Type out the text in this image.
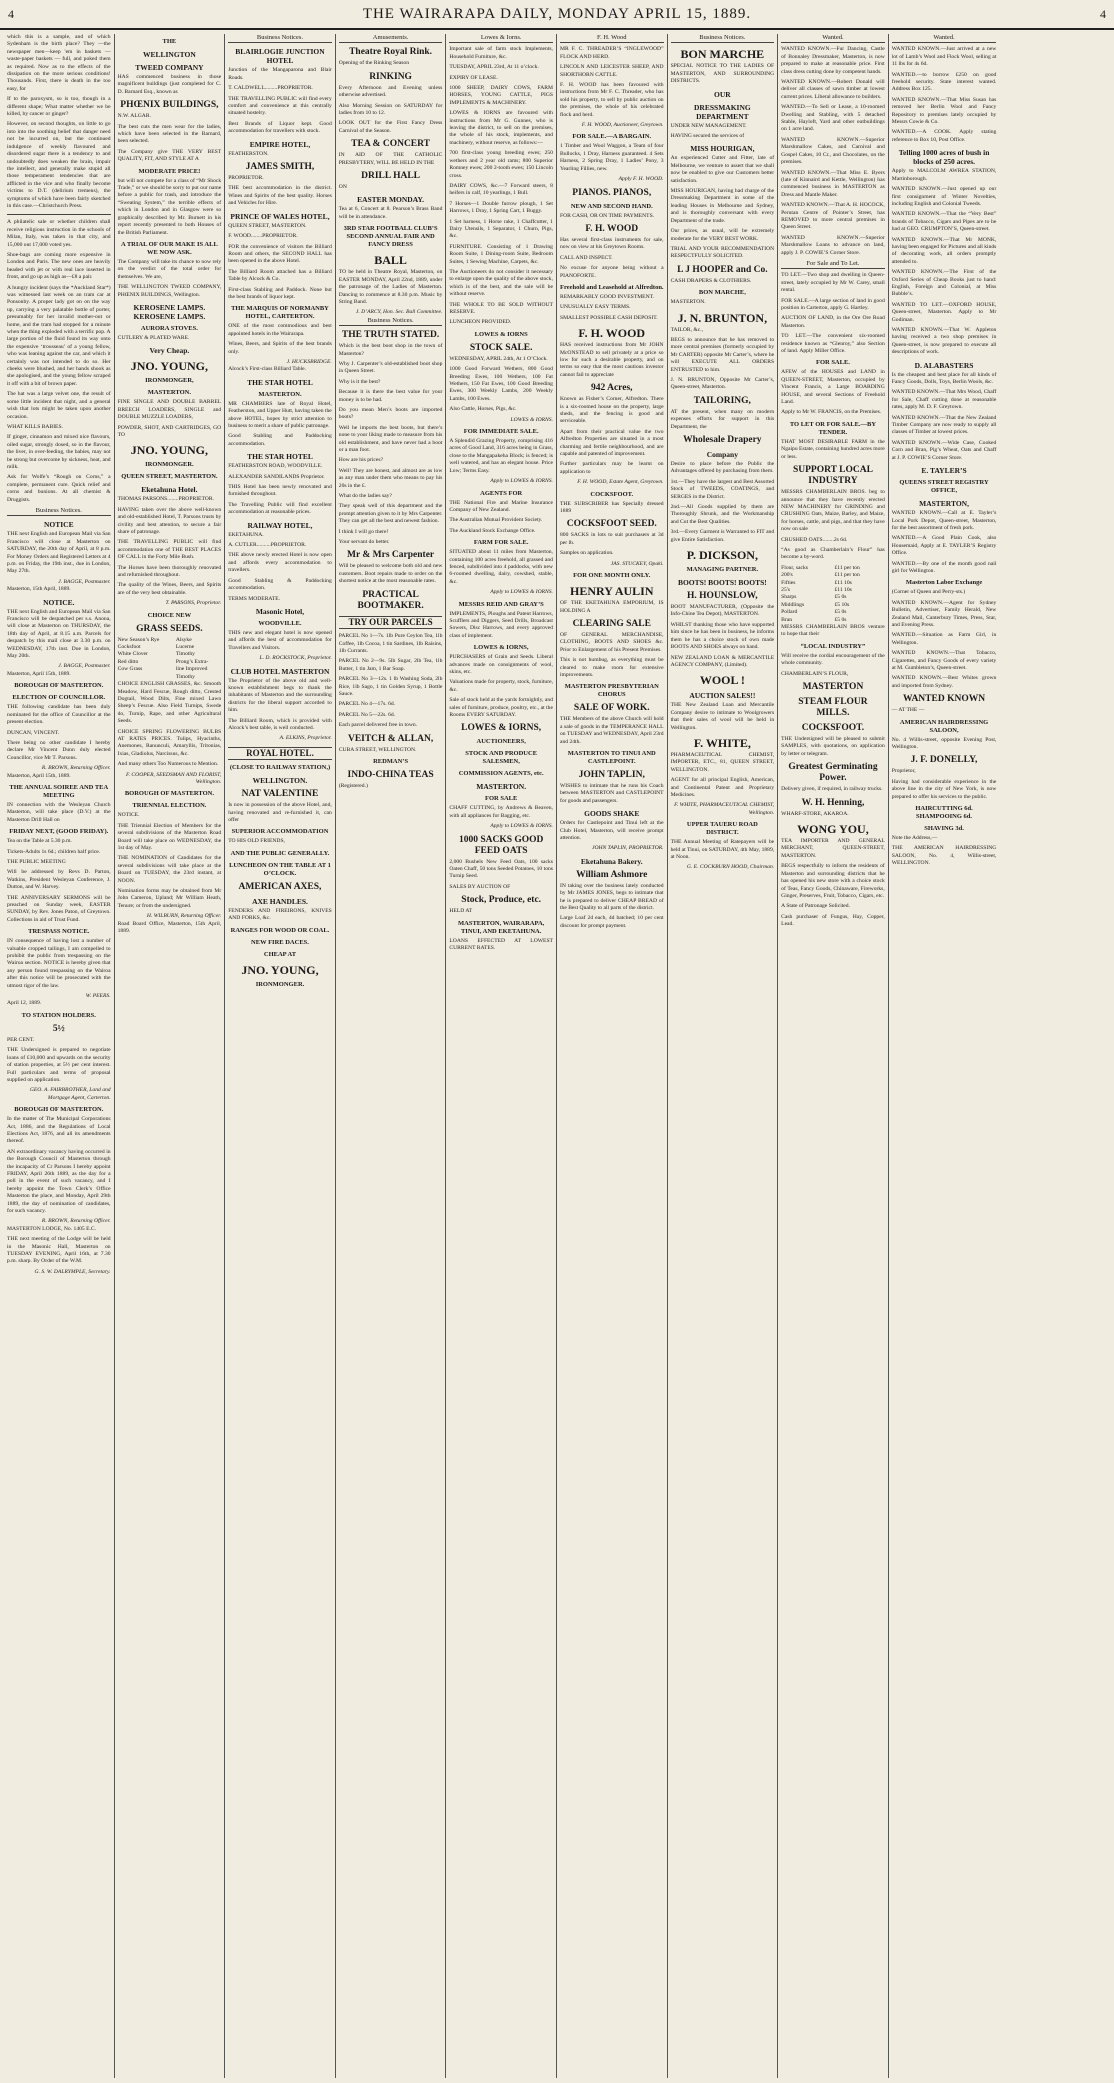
4	THE WAIRARAPA DAILY, MONDAY APRIL 15, 1889.	4

which this is a sample, and of which Sydenham is the birth place? They —the newspaper men—keep 'em in baskets — waste-paper baskets — full, and poked them as required. Now as to the effects of the dissipation on the more serious conditions! Thousands. First, there is death in the too easy, for

If to the paroxysm, so is too, though in a different shape; What matter whether we be killed, by cancer or ginger?

However, on second thoughts, on little to go into into the soothing belief that danger need not be incurred on, but the continued indulgence of weekly flavoured and disordered sugar there is a tendency to and undoubtedly does weaken the brain, impair the intellect, and generally make stupid all those temperament tendencies that are afflicted in the vice and who finally become victims to D.T. (delirium tremens), the symptoms of which have been fairly sketched in this case.—Christchurch Press.

A philatelic sale or whether children shall receive religious instruction in the schools of Milan, Italy, was taken in that city, and 15,000 out 17,000 voted yes.

Shoe-bags are coming more expensive in London and Paris. The new ones are heavily beaded with jet or with real lace inserted in front, and go up as high as—£8 a pair.

A hungry incident (says the *Auckland Star*) was witnessed last week on an tram car at Ponsonby. A proper lady got on on the way up, carrying a very palatable bottle of porter, presumably for her invalid mother-out or home, and the tram had stopped for a minute when the thing exploded with a terrific pop. A large portion of the fluid found its way onto the expensive ‘trousseau’ of a young fellow, who was leaning against the car, and which it certainly was not intended to do so. Her cheeks were blushed, and her hands shook as she apologised, and the young fellow scraped it off with a bit of brown paper.

The hat was a large velvet one, the result of some little incident that night, and a general wish that lots might be taken upon another occasion.

WHAT KILLS BABIES.

If ginger, cinnamon and mixed nice flavours, oiled sugar, strongly dosed, so in the flavour, the liver, in over-feeding, the babies, may not be strong but overcome by sickness, heat, and milk.

Ask for Wolfe’s “Rough on Corns,” a complete, permanent cure. Quick relief and corns and bunions. At all chemist & Druggists.

Business Notices.
NOTICE

THE next English and European Mail via San Francisco will close at Masterton on SATURDAY, the 20th day of April, at 8 p.m. For Money Orders and Registered Letters at 4 p.m. on Friday, the 19th inst., due in London, May 27th.

J. BAGGE, Postmaster.

Masterton, 15th April, 1889.

NOTICE.

THE next English and European Mail via San Francisco will be despatched per s.s. Anona, will close at Masterton on THURSDAY, the 18th day of April, at 8.15 a.m. Parcels for despatch by this mail close at 3.30 p.m. on WEDNESDAY, 17th inst. Due in London, May 20th.

J. BAGGE, Postmaster.

Masterton, April 15th, 1889.

BOROUGH OF MASTERTON.
ELECTION OF COUNCILLOR.

THE following candidate has been duly nominated for the office of Councillor at the present election.

DUNCAN, VINCENT.

There being no other candidate I hereby declare Mr Vincent Dunn duly elected Councillor, vice Mr T. Parsons.

R. BROWN, Returning Officer.

Masterton, April 15th, 1889.

THE ANNUAL SOIREE AND TEA MEETING

IN connection with the Wesleyan Church Masterton, will take place (D.V.) at the Masterton Drill Hall on

FRIDAY NEXT, (GOOD FRIDAY).

Tea on the Table at 5.30 p.m.

Tickets-Adults 1s 6d.; children half price.

THE PUBLIC MEETING

Will be addressed by Revs D. Parton, Watkins, President Wesleyan Conference, J. Dutton, and W. Harvey.

THE ANNIVERSARY SERMONS will be preached on Sunday week, EASTER SUNDAY, by Rev. Jones Paton, of Greytown. Collections in aid of Trust Fund.

TRESPASS NOTICE.

IN consequence of having lost a number of valuable cropped tailings, I am compelled to prohibit the public from trespassing on the Wairoa section. NOTICE is hereby given that any person found trespassing on the Wairoa after this notice will be prosecuted with the utmost rigor of the law.

W. PEERS.

April 12, 1889.

TO STATION HOLDERS.
5½

PER CENT.

THE Undersigned is prepared to negotiate loans of £10,000 and upwards on the security of station properties, at 5½ per cent interest. Full particulars and terms of proposal supplied on application.

GEO. A. FAIRBROTHER, Land and Mortgage Agent, Carterton.
BOROUGH OF MASTERTON.

In the matter of The Municipal Corporations Act, 1886, and the Regulations of Local Elections Act, 1876, and all its amendments thereof.

AN extraordinary vacancy having occurred in the Borough Council of Masterton through the incapacity of Cr Parsons I hereby appoint FRIDAY, April 26th 1889, as the day for a poll in the event of such vacancy, and I hereby appoint the Town Clerk’s Office Masterton the place, and Monday, April 29th 1889, the day of nomination of candidates, for such vacancy.

R. BROWN, Returning Officer.

MASTERTON LODGE, No. 1405 E.C.

THE next meeting of the Lodge will be held in the Masonic Hall, Masterton on TUESDAY EVENING, April 16th, at 7.30 p.m. sharp. By Order of the W.M.

G. S. W. DALRYMPLE, Secretary.
THE
WELLINGTON
TWEED COMPANY

HAS commenced business in those magnificent buildings (just completed for C. D. Barnard Esq., known as

PHŒNIX BUILDINGS,

N.W. ALGAR.

The best cuts the men wear for the ladies, which have been selected in the Barnard, been selected.

The Company give THE VERY BEST QUALITY, FIT, AND STYLE AT A

MODERATE PRICE!

but will not compete for a class of “Mr Shock Trade,” or we should be sorry to put our name before a public for trash, and introduce the “Sweating System,” the terrible effects of which in London and in Glasgow were so graphically described by Mr. Burnett in his report recently presented to both Houses of the British Parliament.

A TRIAL OF OUR MAKE IS ALL WE NOW ASK.

The Company will take its chance to now rely on the verdict of the total order for themselves. We are,

THE WELLINGTON TWEED COMPANY, PHŒNIX BUILDINGS, Wellington.

KEROSENE LAMPS. KEROSENE LAMPS.
AURORA STOVES.

CUTLERY & PLATED WARE.

Very Cheap.
JNO. YOUNG,
IRONMONGER,
MASTERTON.

FINE SINGLE AND DOUBLE BARREL BREECH LOADERS, SINGLE and DOUBLE MUZZLE LOADERS,

POWDER, SHOT, AND CARTRIDGES, GO TO

JNO. YOUNG,
IRONMONGER.
QUEEN STREET, MASTERTON.
Eketahuna Hotel.

THOMAS PARSONS........PROPRIETOR.

HAVING taken over the above well-known and old-established Hotel, T. Parsons trusts by civility and best attention, to secure a fair share of patronage.

THE TRAVELLING PUBLIC will find accommodation one of THE BEST PLACES OF CALL in the Forty Mile Bush.

The Horses have been thoroughly renovated and refurnished throughout.

The quality of the Wines, Beers, and Spirits are of the very best obtainable.

T. PARSONS, Proprietor.
CHOICE NEW
GRASS SEEDS.
New Season’s Rye	Alsyke
Cocksfoot	Lucerne
White Clover	Timothy
Red ditto	Prong’s Extra-
Cow Grass	line Improved
	Timothy

CHOICE ENGLISH GRASSES, &c. Smooth Meadow, Hard Fescue, Rough ditto, Crested Dogtail, Wood Dilts, Fine mixed Lawn Sheep’s Fescue. Also Field Turnips, Swede do, Turnip, Rape, and other Agricultural Seeds.

CHOICE SPRING FLOWERING BULBS AT RATES PRICES. Tulips, Hyacinths, Anemones, Ranunculi, Amaryllis, Tritonias, Ixias, Gladiolus, Narcissus, &c.

And many others Too Numerous to Mention.

F. COOPER, SEEDSMAN AND FLORIST, Wellington.
BOROUGH OF MASTERTON.
TRIENNIAL ELECTION.

NOTICE.

THE Triennial Election of Members for the several subdivisions of the Masterton Road Board will take place on WEDNESDAY, the 1st day of May.

THE NOMINATION of Candidates for the several subdivisions will take place at the Board on TUESDAY, the 23rd instant, at NOON.

Nomination forms may be obtained from Mr John Cameron, Upland; Mr William Heath, Tenure; or from the undersigned.

H. WILBURN, Returning Officer.

Road Board Office, Masterton, 15th April, 1889.

Business Notices.
BLAIRLOGIE JUNCTION HOTEL

Junction of the Mangaparona and Blair Roads.

T. CALDWELL.........PROPRIETOR.

THE TRAVELLING PUBLIC will find every comfort and convenience at this centrally situated hostelry.

Best Brands of Liquor kept. Good accommodation for travellers with stock.

EMPIRE HOTEL,

FEATHERSTON.

JAMES SMITH,

PROPRIETOR.

THE best accommodation in the district. Wines and Spirits of the best quality. Horses and Vehicles for Hire.

PRINCE OF WALES HOTEL,

QUEEN STREET, MASTERTON.

F. WOOD........PROPRIETOR.

FOR the convenience of visitors the Billiard Room and others, the SECOND HALL has been opened in the above Hotel.

The Billiard Room attached has a Billiard Table by Alcock & Co.

First-class Stabling and Paddock. None but the best brands of liquor kept.

THE MARQUIS OF NORMANBY HOTEL, CARTERTON.

ONE of the most commodious and best appointed hotels in the Wairarapa.

Wines, Beers, and Spirits of the best brands only.

J. HUCKSBRIDGE.

Alcock’s First-class Billiard Table.

THE STAR HOTEL
MASTERTON.

MR CHAMBERS late of Royal Hotel, Featherston, and Upper Hutt, having taken the above HOTEL, hopes by strict attention to business to merit a share of public patronage.

Good Stabling and Paddocking accommodation.

THE STAR HOTEL

FEATHERSTON ROAD, WOODVILLE.

ALEXANDER SANDILANDS Proprietor.

THIS Hotel has been newly renovated and furnished throughout.

The Travelling Public will find excellent accommodation at reasonable prices.

RAILWAY HOTEL,

EKETAHUNA.

A. CUTLER..........PROPRIETOR.

THE above newly erected Hotel is now open and affords every accommodation to travellers.

Good Stabling & Paddocking accommodation.

TERMS MODERATE.

Masonic Hotel,
WOODVILLE.

THIS new and elegant hotel is now opened and affords the best of accommodation for Travellers and Visitors.

L. D. ROCKSTOCK, Proprietor.
CLUB HOTEL MASTERTON

The Proprietor of the above old and well-known establishment begs to thank the inhabitants of Masterton and the surrounding districts for the liberal support accorded to him.

The Billiard Room, which is provided with Alcock’s best table, is well conducted.

A. ELKINS, Proprietor.
ROYAL HOTEL.
(CLOSE TO RAILWAY STATION,)
WELLINGTON.
NAT VALENTINE

Is now in possession of the above Hotel, and, having renovated and re-furnished it, can offer

SUPERIOR ACCOMMODATION

TO HIS OLD FRIENDS,

AND THE PUBLIC GENERALLY.
LUNCHEON ON THE TABLE AT 1 O’CLOCK.
AMERICAN AXES,
AXE HANDLES.

FENDERS AND FIREIRONS, KNIVES AND FORKS, &c.

RANGES FOR WOOD OR COAL.
NEW FIRE DACES.
CHEAP AT
JNO. YOUNG,
IRONMONGER.
Amusements.
Theatre Royal Rink.

Opening of the Rinking Season

RINKING

Every Afternoon and Evening unless otherwise advertised.

Also Morning Session on SATURDAY for ladies from 10 to 12.

LOOK OUT for the First Fancy Dress Carnival of the Season.

TEA & CONCERT

IN AID OF THE CATHOLIC PRESBYTERY, WILL BE HELD IN THE

DRILL HALL

ON

EASTER MONDAY.

Tea at 6, Concert at 8. Pearson’s Brass Band will be in attendance.

3RD STAR FOOTBALL CLUB’S SECOND ANNUAL FAIR AND FANCY DRESS
BALL

TO be held in Theatre Royal, Masterton, on EASTER MONDAY, April 22nd, 1889, under the patronage of the Ladies of Masterton. Dancing to commence at 8.30 p.m. Music by String Band.

J. D’ARCY, Hon. Sec. Ball Committee.
Business Notices.
THE TRUTH STATED.

Which is the best boot shop in the town of Masterton?

Why J. Carpenter’s old-established boot shop in Queen Street.

Why is it the best?

Because it is there the best value for your money is to be had.

Do you mean Men’s boots are imported boots?

Well he imports the best boots, but there’s none to your liking made to measure from his old establishment, and have never had a boot or a man foot.

How are his prices?

Well! They are honest, and almost are as low as any man under them who means to pay his 20s in the £.

What do the ladies say?

They speak well of this department and the prompt attention given to it by Mrs Carpenter. They can get all the best and newest fashion.

I think I will go there!

Your servant do better.

Mr & Mrs Carpenter

Will be pleased to welcome both old and new customers. Boot repairs made to order on the shortest notice at the most reasonable rates.

PRACTICAL BOOTMAKER.
TRY OUR PARCELS

PARCEL No 1—7s. 1lb Pure Ceylon Tea, 1lb Coffee, 1lb Cocoa, 1 tin Sardines, 1lb Raisins, 1lb Currants.

PARCEL No 2—9s. 5lb Sugar, 2lb Tea, 1lb Butter, 1 tin Jam, 1 Bar Soap.

PARCEL No 3—12s. 1 lb Washing Soda, 2lb Rice, 1lb Sago, 1 tin Golden Syrup, 1 Bottle Sauce.

PARCEL No 4—17s. 6d.

PARCEL No 5—22s. 6d.

Each parcel delivered free in town.

VEITCH & ALLAN,

CUBA STREET, WELLINGTON.

REDMAN’S
INDO-CHINA TEAS

(Registered.)

Lowes & Iorns.

Important sale of farm stock Implements, Household Furniture, &c.

TUESDAY, APRIL 23rd, At 11 o’clock.

EXPIRY OF LEASE.

1000 SHEEP, DAIRY COWS, FARM HORSES, YOUNG CATTLE, PIGS IMPLEMENTS & MACHINERY.

LOWES & IORNS are favoured with instructions from Mr G. Gunnes, who is leaving the district, to sell on the premises, the whole of his stock, implements, and machinery, without reserve, as follows:—

700 first-class young breeding ewes; 250 wethers and 2 year old rams; 800 Superior Romney ewes; 200 2-tooth ewes; 150 Lincoln cross.

DAIRY COWS, &c.—7 Forward steers, 8 heifers in calf, 10 yearlings, 1 Bull.

7 Horses—1 Double furrow plough, 1 Set Harrows, 1 Dray, 1 Spring Cart, 1 Buggy.

1 Set harness, 1 Horse rake, 1 Chaffcutter, 1 Dairy Utensils, 1 Separator, 1 Churn, Pigs, &c.

FURNITURE. Consisting of 1 Drawing Room Suite, 1 Dining-room Suite, Bedroom Suites, 1 Sewing Machine, Carpets, &c.

The Auctioneers do not consider it necessary to enlarge upon the quality of the above stock, which is of the best, and the sale will be without reserve.

THE WHOLE TO BE SOLD WITHOUT RESERVE.

LUNCHEON PROVIDED.

LOWES & IORNS
STOCK SALE.

WEDNESDAY, APRIL 24th, At 1 O’Clock.

1000 Good Forward Wethers, 800 Good Breeding Ewes, 100 Wethers, 100 Fat Wethers, 150 Fat Ewes, 100 Good Breeding Ewes, 300 Weekly Lambs, 200 Weekly Lambs, 100 Ewes.

Also Cattle, Horses, Pigs, &c.

LOWES & IORNS.
FOR IMMEDIATE SALE.

A Splendid Grazing Property, comprising 416 acres of Good Land, 316 acres being in Grass, close to the Mangapakeha Block; is fenced; is well watered, and has an elegant house. Price Low; Terms Easy.

Apply to LOWES & IORNS.
AGENTS FOR

THE National Fire and Marine Insurance Company of New Zealand.

The Australian Mutual Provident Society.

The Auckland Stock Exchange Office.

FARM FOR SALE.

SITUATED about 11 miles from Masterton, containing 100 acres freehold, all grassed and fenced, subdivided into 4 paddocks, with new 6-roomed dwelling, dairy, cowshed, stable, &c.

Apply to LOWES & IORNS.
MESSRS REID AND GRAY’S

IMPLEMENTS, Ploughs and Patent Harrows, Scufflers and Diggers, Seed Drills, Broadcast Sowers, Disc Harrows, and every approved class of implement.

LOWES & IORNS,

PURCHASERS of Grain and Seeds. Liberal advances made on consignments of wool, skins, etc.

Valuations made for property, stock, furniture, &c.

Sale of stock held at the yards fortnightly, and sales of furniture, produce, poultry, etc., at the Rooms EVERY SATURDAY.

LOWES & IORNS,
AUCTIONEERS,
STOCK AND PRODUCE SALESMEN,
COMMISSION AGENTS, etc.
MASTERTON.
FOR SALE

CHAFF CUTTING, by Andrews & Beaven, with all appliances for Bagging, etc.

Apply to LOWES & IORNS.
1000 SACKS GOOD FEED OATS

2,000 Bushels New Feed Oats, 100 sacks Oaten Chaff, 50 tons Seeded Potatoes, 10 tons Turnip Seed.

SALES BY AUCTION OF

Stock, Produce, etc.

HELD AT

MASTERTON, WAIRARAPA, TINUI, AND EKETAHUNA.

LOANS EFFECTED AT LOWEST CURRENT RATES.

F. H. Wood

MR F. C. THREADER’S “INGLEWOOD” FLOCK AND HERD.

LINCOLN AND LEICESTER SHEEP, AND SHORTHORN CATTLE.

F. H. WOOD has been favoured with instructions from Mr F. C. Threader, who has sold his property, to sell by public auction on the premises, the whole of his celebrated flock and herd.

F. H. WOOD, Auctioneer, Greytown.
FOR SALE.—A BARGAIN.

1 Timber and Wool Waggon, a Team of four Bullocks, 1 Dray, Harness guaranteed. 4 Sets Harness, 2 Spring Dray, 1 Ladies’ Pony, 3 Yearling Fillies, new.

Apply F. H. WOOD.
PIANOS. PIANOS,
NEW AND SECOND HAND.

FOR CASH, OR ON TIME PAYMENTS.

F. H. WOOD

Has several first-class instruments for sale, now on view at his Greytown Rooms.

CALL AND INSPECT.

No excuse for anyone being without a PIANOFORTE.

Freehold and Leasehold at Alfredton.

REMARKABLY GOOD INVESTMENT.

UNUSUALLY EASY TERMS.

SMALLEST POSSIBLE CASH DEPOSIT.

F. H. WOOD

HAS received instructions from Mr JOHN McONSTEAD to sell privately at a price so low for such a desirable property, and on terms so easy that the most cautious investor cannot fail to appreciate

942 Acres,

Known as Fisher’s Corner, Alfredton. There is a six-roomed house on the property, large sheds, and the fencing is good and serviceable.

Apart from their practical value the two Alfredton Properties are situated in a most charming and fertile neighbourhood, and are capable and patented of improvement.

Further particulars may be learnt on application to

F. H. WOOD, Estate Agent, Greytown.
COCKSFOOT.

THE SUBSCRIBER has Specially dressed 1889

COCKSFOOT SEED.

800 SACKS in lots to suit purchasers at 3d per lb.

Samples on application.

JAS. STUCKEY, Opaki.
FOR ONE MONTH ONLY.
HENRY AULIN

OF THE EKETAHUNA EMPORIUM, IS HOLDING A

CLEARING SALE

OF GENERAL MERCHANDISE, CLOTHING, BOOTS AND SHOES &c. Prior to Enlargement of his Present Premises.

This is not humbug, as everything must be cleared to make room for extensive improvements.

MASTERTON PRESBYTERIAN CHORUS
SALE OF WORK.

THE Members of the above Church will hold a sale of goods in the TEMPERANCE HALL on TUESDAY and WEDNESDAY, April 23rd and 24th.

MASTERTON TO TINUI AND CASTLEPOINT.
JOHN TAPLIN,

WISHES to intimate that he runs his Coach between MASTERTON and CASTLEPOINT for goods and passengers.

GOODS SHAKE

Orders for Castlepoint and Tinui left at the Club Hotel, Masterton, will receive prompt attention.

JOHN TAPLIN, PROPRIETOR.
Eketahuna Bakery.
William Ashmore

IN taking over the business lately conducted by Mr JAMES JONES, begs to intimate that he is prepared to deliver CHEAP BREAD of the Best Quality to all parts of the district.

Large Loaf 2d each, 4d batched; 10 per cent discount for prompt payment.

Business Notices.
BON MARCHE

SPECIAL NOTICE TO THE LADIES OF MASTERTON, AND SURROUNDING DISTRICTS.

OUR
DRESSMAKING DEPARTMENT

UNDER NEW MANAGEMENT.

HAVING secured the services of

MISS HOURIGAN,

An experienced Cutter and Fitter, late of Melbourne, we venture to assert that we shall now be enabled to give our Customers better satisfaction.

MISS HOURIGAN, having had charge of the Dressmaking Department in some of the leading Houses in Melbourne and Sydney, and is thoroughly conversant with every Department of the trade.

Our prices, as usual, will be extremely moderate for the VERY BEST WORK.

TRIAL AND YOUR RECOMMENDATION RESPECTFULLY SOLICITED.

L J HOOPER and Co.

CASH DRAPERS & CLOTHIERS.

BON MARCHE,

MASTERTON.

J. N. BRUNTON,

TAILOR, &c.,

BEGS to announce that he has removed to more central premises (formerly occupied by Mr CARTER) opposite Mr Carter’s, where he will EXECUTE ALL ORDERS ENTRUSTED to him.

J. N. BRUNTON, Opposite Mr Carter’s, Queen-street, Masterton.

TAILORING,

AT the present, when many on modern expenses efforts for support in this Department, the

Wholesale Drapery
Company

Desire to place before the Public the Advantages offered by purchasing from them.

1st.—They have the largest and Best Assorted Stock of TWEEDS, COATINGS, and SERGES in the District.

2nd.—All Goods supplied by them are Thoroughly Shrunk, and the Workmanship and Cut the Best Qualities.

3rd.—Every Garment is Warranted to FIT and give Entire Satisfaction.

P. DICKSON,
MANAGING PARTNER.
BOOTS! BOOTS! BOOTS!
H. HOUNSLOW,

BOOT MANUFACTURER, (Opposite the Info-Chine Tea Depot), MASTERTON.

WHILST thanking those who have supported him since he has been in business, he informs them he has a choice stock of own made BOOTS AND SHOES always on hand.

NEW ZEALAND LOAN & MERCANTILE AGENCY COMPANY, (Limited).

WOOL !
AUCTION SALES!!

THE New Zealand Loan and Mercantile Company desire to intimate to Woolgrowers that their sales of wool will be held in Wellington.

F. WHITE,

PHARMACEUTICAL CHEMIST, IMPORTER, ETC., 81, QUEEN STREET, WELLINGTON.

AGENT for all principal English, American, and Continental Patent and Proprietary Medicines.

F. WHITE, PHARMACEUTICAL CHEMIST, Wellington.
UPPER TAUERU ROAD DISTRICT.

THE Annual Meeting of Ratepayers will be held at Tinui, on SATURDAY, 4th May, 1889, at Noon.

G. E. COCKBURN HOOD, Chairman.
Wanted.

WANTED KNOWN.—Fur Dancing, Castle of Bonnaley Dressmaker, Masterton, is now prepared to make at reasonable price. First class dress cutting done by competent hands.

WANTED KNOWN.—Robert Donald will deliver all classes of sawn timber at lowest current prices. Liberal allowance to builders.

WANTED.—To Sell or Lease, a 10-roomed Dwelling and Stabling, with 5 detached Stable, Hayloft, Yard and other outbuildings on 1 acre land.

WANTED KNOWN.—Superior Marshmallow Cakes, and Carnival and Gospel Cakes, 10 Cr., and Chocolates, on the premises.

WANTED KNOWN.—That Miss E. Byers (late of Kinnaird and Kettle, Wellington) has commenced business in MASTERTON as Dress and Mantle Maker.

WANTED KNOWN.—That A. H. HOCOCK, Perutan Centre of Pointer’s Street, has REMOVED to more central premises in Queen Street.

WANTED KNOWN.—Superior Marshmallow Loans to advance on land, apply J. P. COWIE’S Corner Store.

For Sale and To Let.

TO LET.—Two shop and dwelling in Queen-street, lately occupied by Mr W. Carey, small rental.

FOR SALE.—A large section of land in good position in Carterton, apply G. Hartley.

AUCTION OF LAND, in the Ore Ore Road Masterton.

TO LET.—The convenient six-roomed residence known as “Glenroy,” also Section of land. Apply Miller Office.

FOR SALE.

AFEW of the HOUSES and LAND in QUEEN-STREET, Masterton, occupied by Vincent Francis, a Large BOARDING HOUSE, and several Sections of Freehold Land.

Apply to Mr W. FRANCIS, on the Premises.

TO LET OR FOR SALE.—BY TENDER.

THAT MOST DESIRABLE FARM in the Ngaipu Estate, containing hundred acres more or less.

SUPPORT LOCAL INDUSTRY

MESSRS CHAMBERLAIN BROS. beg to announce that they have recently erected NEW MACHINERY for GRINDING and CRUSHING Oats, Maize, Barley, and Maize, for horses, cattle, and pigs, and that they have now on sale

CRUSHED OATS........2s 6d.

“As good as Chamberlain’s Flour” has become a by-word.

Flour, sacks	£11 per ton
200's	£11 per ton
Fifties	£11 10s
25's	£11 10s
Sharps	£5 0s
Middlings	£5 10s
Pollard	£5 0s
Bran	£5 0s

MESSRS CHAMBERLAIN BROS venture to hope that their

“LOCAL INDUSTRY”

Will receive the cordial encouragement of the whole community.

CHAMBERLAIN’S FLOUR,

MASTERTON
STEAM FLOUR MILLS.
COCKSFOOT.

THE Undersigned will be pleased to submit SAMPLES, with quotations, on application by letter or telegram.

Greatest Germinating Power.

Delivery given, if required, in railway trucks.

W. H. Henning,

WHARF-STORE, AKAROA.

WONG YOU,

TEA IMPORTER AND GENERAL MERCHANT, QUEEN-STREET, MASTERTON.

BEGS respectfully to inform the residents of Masterton and surrounding districts that he has opened his new store with a choice stock of Teas, Fancy Goods, Chinaware, Fireworks, Ginger, Preserves, Fruit, Tobacco, Cigars, etc.

A State of Patronage Solicited.

Cash purchaser of Fungus, Hay, Copper, Lead.

Wanted.

WANTED KNOWN.—Just arrived at a new lot of Lamb’s Wool and Flock Wool, selling at 11 lbs for 4s 6d.

WANTED.—to borrow £250 on good freehold security. State interest wanted. Address Box 125.

WANTED KNOWN.—That Miss Susan has removed her Berlin Wool and Fancy Repository to premises lately occupied by Messrs Cowie & Co.

WANTED.—A COOK. Apply stating reference to Box 10, Post Office.

Telling 1000 acres of bush in blocks of 250 acres.

Apply to MALCOLM AWREA STATION, Martinborough.

WANTED KNOWN.—Just opened up our first consignment of Winter Novelties, including English and Colonial Tweeds.

WANTED KNOWN.—That the “Very Best” brands of Tobacco, Cigars and Pipes are to be had at GEO. CRUMPTON’S, Queen-street.

WANTED KNOWN.—That Mr MONK, having been engaged for Pictures and all kinds of decorating work, all orders promptly attended to.

WANTED KNOWN.—The First of the Oxford Series of Cheap Books just to hand: English, Foreign and Colonial, at Miss Bubble’s.

WANTED TO LET.—OXFORD HOUSE, Queen-street, Masterton. Apply to Mr Godiman.

WANTED KNOWN.—That W. Appleton having received a two shop premises in Queen-street, is now prepared to execute all descriptions of work.

D. ALABASTERS

Is the cheapest and best place for all kinds of Fancy Goods, Dolls, Toys, Berlin Wools, &c.

WANTED KNOWN.—That Mrs Wood, Chaff for Sale, Chaff cutting done at reasonable rates, apply M. D. F. Greytown.

WANTED KNOWN.—That the New Zealand Timber Company are now ready to supply all classes of Timber at lowest prices.

WANTED KNOWN.—Wide Case, Cooked Corn and Bran, Pig’s Wheat, Oats and Chaff at J. P. COWIE’S Corner Store.

E. TAYLER’S
QUEENS STREET REGISTRY OFFICE,
MASTERTON,

WANTED KNOWN.—Call at E. Tayler’s Local Pork Depot, Queen-street, Masterton, for the best assortment of fresh pork.

WANTED.—A Good Plain Cook, also Housemaid, Apply at E. TAYLER’S Registry Office.

WANTED.—By one of the month good nail girl for Wellington.

Masterton Labor Exchange

(Corner of Queen and Perry-sts.)

WANTED KNOWN.—Agent for Sydney Bulletin, Advertiser, Family Herald, New Zealand Mail, Canterbury Times, Press, Star, and Evening Press.

WANTED.—Situation as Farm Girl, in Wellington.

WANTED KNOWN.—That Tobacco, Cigarettes, and Fancy Goods of every variety at M. Gumbleton’s, Queen-street.

WANTED KNOWN.—Best Whites grown and imported from Sydney.

WANTED KNOWN

— AT THE —

AMERICAN HAIRDRESSING SALOON,

No. 4 Willis-street, opposite Evening Post, Wellington.

J. F. DONELLY,

Proprietor,

Having had considerable experience in the above line in the city of New York, is now prepared to offer his services to the public.

HAIRCUTTING 6d. SHAMPOOING 6d.
SHAVING 3d.

Note the Address,—

THE AMERICAN HAIRDRESSING SALOON, No. 4, Willis-street, WELLINGTON.
